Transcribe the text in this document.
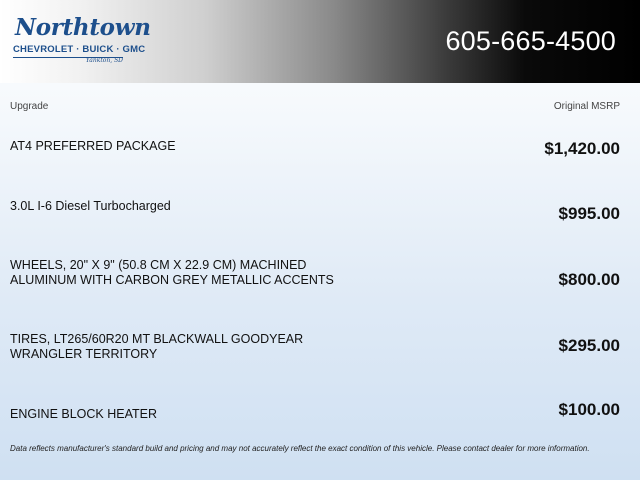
Northtown
CHEVROLET · BUICK · GMC
Yankton, SD
605-665-4500
Upgrade	Original MSRP
AT4 PREFERRED PACKAGE	$1,420.00
3.0L I-6 Diesel Turbocharged	$995.00
WHEELS, 20" X 9" (50.8 CM X 22.9 CM) MACHINED ALUMINUM WITH CARBON GREY METALLIC ACCENTS	$800.00
TIRES, LT265/60R20 MT BLACKWALL GOODYEAR WRANGLER TERRITORY	$295.00
ENGINE BLOCK HEATER	$100.00
Data reflects manufacturer's standard build and pricing and may not accurately reflect the exact condition of this vehicle. Please contact dealer for more information.
